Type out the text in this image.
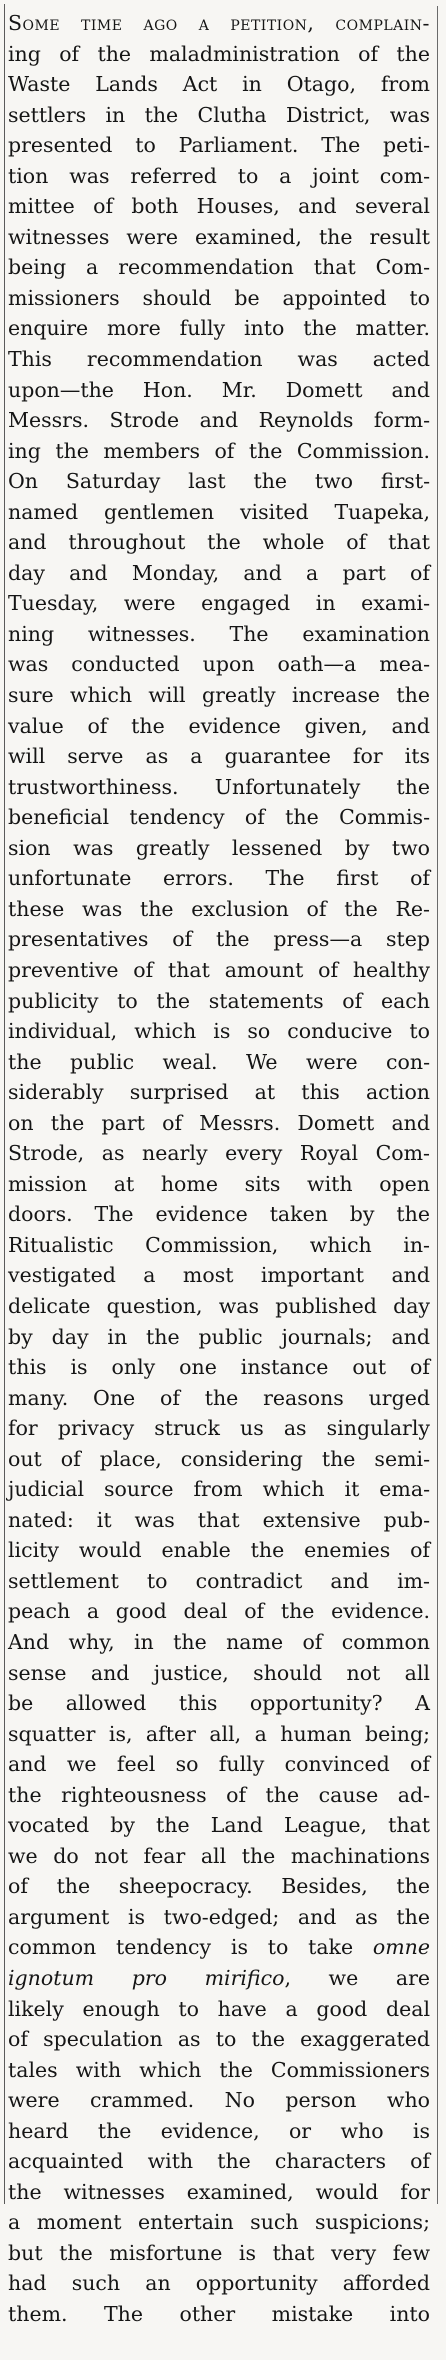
Some time ago a petition, complain-
ing of the maladministration of the
Waste Lands Act in Otago, from
settlers in the Clutha District, was
presented to Parliament. The peti-
tion was referred to a joint com-
mittee of both Houses, and several
witnesses were examined, the result
being a recommendation that Com-
missioners should be appointed to
enquire more fully into the matter.
This recommendation was acted
upon—the Hon. Mr. Domett and
Messrs. Strode and Reynolds form-
ing the members of the Commission.
On Saturday last the two first-
named gentlemen visited Tuapeka,
and throughout the whole of that
day and Monday, and a part of
Tuesday, were engaged in exami-
ning witnesses. The examination
was conducted upon oath—a mea-
sure which will greatly increase the
value of the evidence given, and
will serve as a guarantee for its
trustworthiness. Unfortunately the
beneficial tendency of the Commis-
sion was greatly lessened by two
unfortunate errors. The first of
these was the exclusion of the Re-
presentatives of the press—a step
preventive of that amount of healthy
publicity to the statements of each
individual, which is so conducive to
the public weal. We were con-
siderably surprised at this action
on the part of Messrs. Domett and
Strode, as nearly every Royal Com-
mission at home sits with open
doors. The evidence taken by the
Ritualistic Commission, which in-
vestigated a most important and
delicate question, was published day
by day in the public journals; and
this is only one instance out of
many. One of the reasons urged
for privacy struck us as singularly
out of place, considering the semi-
judicial source from which it ema-
nated: it was that extensive pub-
licity would enable the enemies of
settlement to contradict and im-
peach a good deal of the evidence.
And why, in the name of common
sense and justice, should not all
be allowed this opportunity? A
squatter is, after all, a human being;
and we feel so fully convinced of
the righteousness of the cause ad-
vocated by the Land League, that
we do not fear all the machinations
of the sheepocracy. Besides, the
argument is two-edged; and as the
common tendency is to take omne
ignotum pro mirifico, we are
likely enough to have a good deal
of speculation as to the exaggerated
tales with which the Commissioners
were crammed. No person who
heard the evidence, or who is
acquainted with the characters of
the witnesses examined, would for
a moment entertain such suspicions;
but the misfortune is that very few
had such an opportunity afforded
them. The other mistake into
